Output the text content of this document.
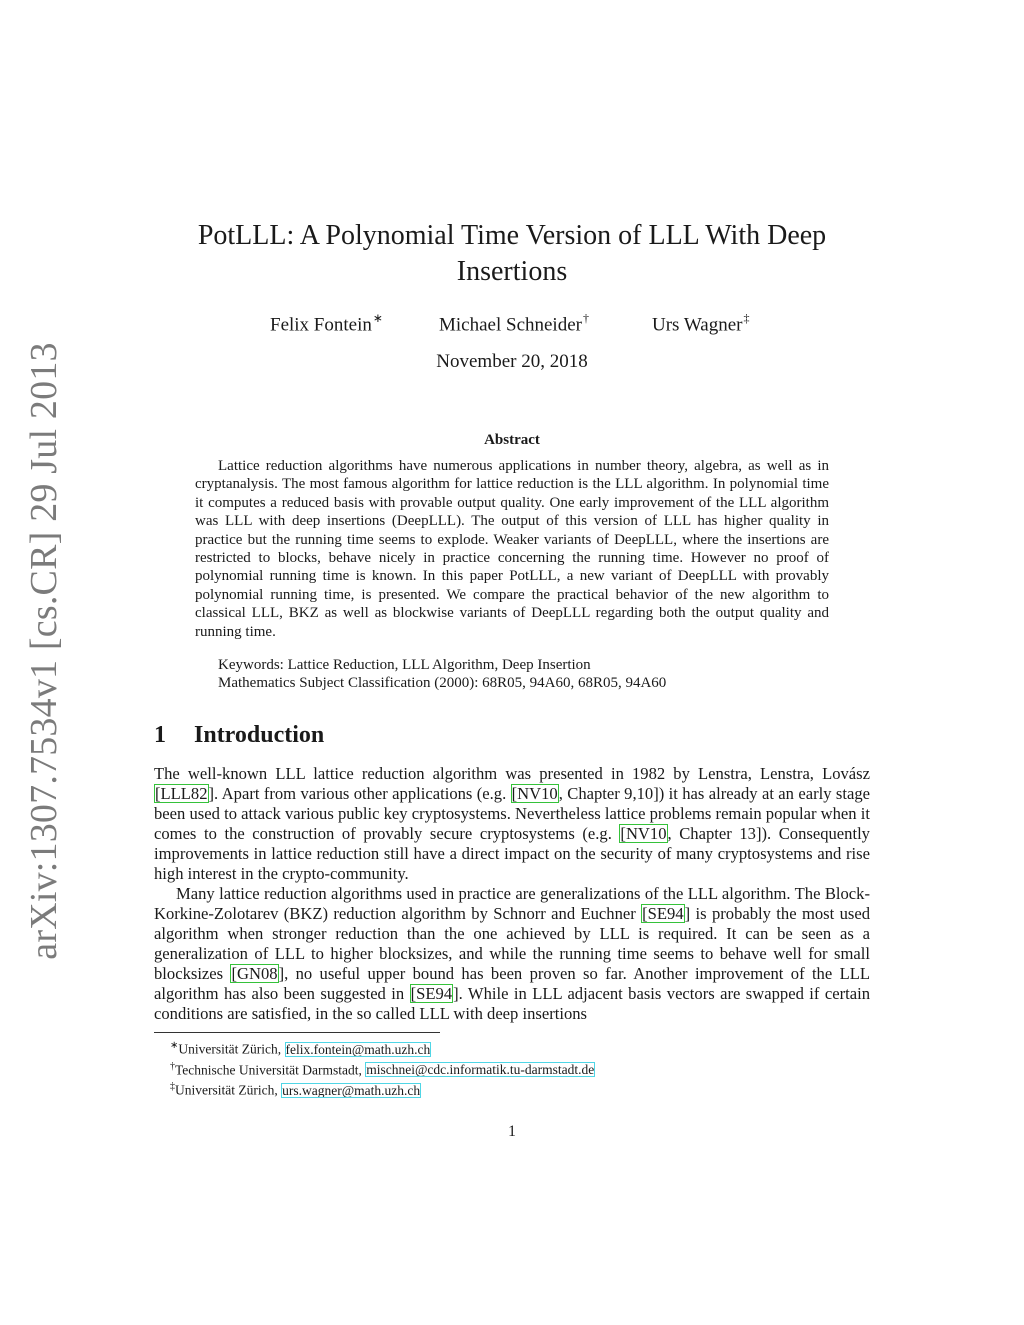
arXiv:1307.7534v1 [cs.CR] 29 Jul 2013
PotLLL: A Polynomial Time Version of LLL With Deep Insertions
Felix Fontein∗	Michael Schneider†	Urs Wagner‡
November 20, 2018
Abstract

Lattice reduction algorithms have numerous applications in number theory, algebra, as well as in cryptanalysis. The most famous algorithm for lattice reduction is the LLL algorithm. In polynomial time it computes a reduced basis with provable output quality. One early improvement of the LLL algorithm was LLL with deep insertions (DeepLLL). The output of this version of LLL has higher quality in practice but the running time seems to explode. Weaker variants of DeepLLL, where the insertions are restricted to blocks, behave nicely in practice concerning the running time. However no proof of polynomial running time is known. In this paper PotLLL, a new variant of DeepLLL with provably polynomial running time, is presented. We compare the practical behavior of the new algorithm to classical LLL, BKZ as well as blockwise variants of DeepLLL regarding both the output quality and running time.

Keywords: Lattice Reduction, LLL Algorithm, Deep Insertion
Mathematics Subject Classification (2000): 68R05, 94A60, 68R05, 94A60
1 Introduction

The well-known LLL lattice reduction algorithm was presented in 1982 by Lenstra, Lenstra, Lovász [LLL82]. Apart from various other applications (e.g. [NV10, Chapter 9,10]) it has already at an early stage been used to attack various public key cryptosystems. Nevertheless lattice problems remain popular when it comes to the construction of provably secure cryptosystems (e.g. [NV10, Chapter 13]). Consequently improvements in lattice reduction still have a direct impact on the security of many cryptosystems and rise high interest in the crypto-community.

Many lattice reduction algorithms used in practice are generalizations of the LLL algorithm. The Block-Korkine-Zolotarev (BKZ) reduction algorithm by Schnorr and Euchner [SE94] is probably the most used algorithm when stronger reduction than the one achieved by LLL is required. It can be seen as a generalization of LLL to higher blocksizes, and while the running time seems to behave well for small blocksizes [GN08], no useful upper bound has been proven so far. Another improvement of the LLL algorithm has also been suggested in [SE94]. While in LLL adjacent basis vectors are swapped if certain conditions are satisfied, in the so called LLL with deep insertions

∗Universität Zürich, felix.fontein@math.uzh.ch
†Technische Universität Darmstadt, mischnei@cdc.informatik.tu-darmstadt.de
‡Universität Zürich, urs.wagner@math.uzh.ch
1
